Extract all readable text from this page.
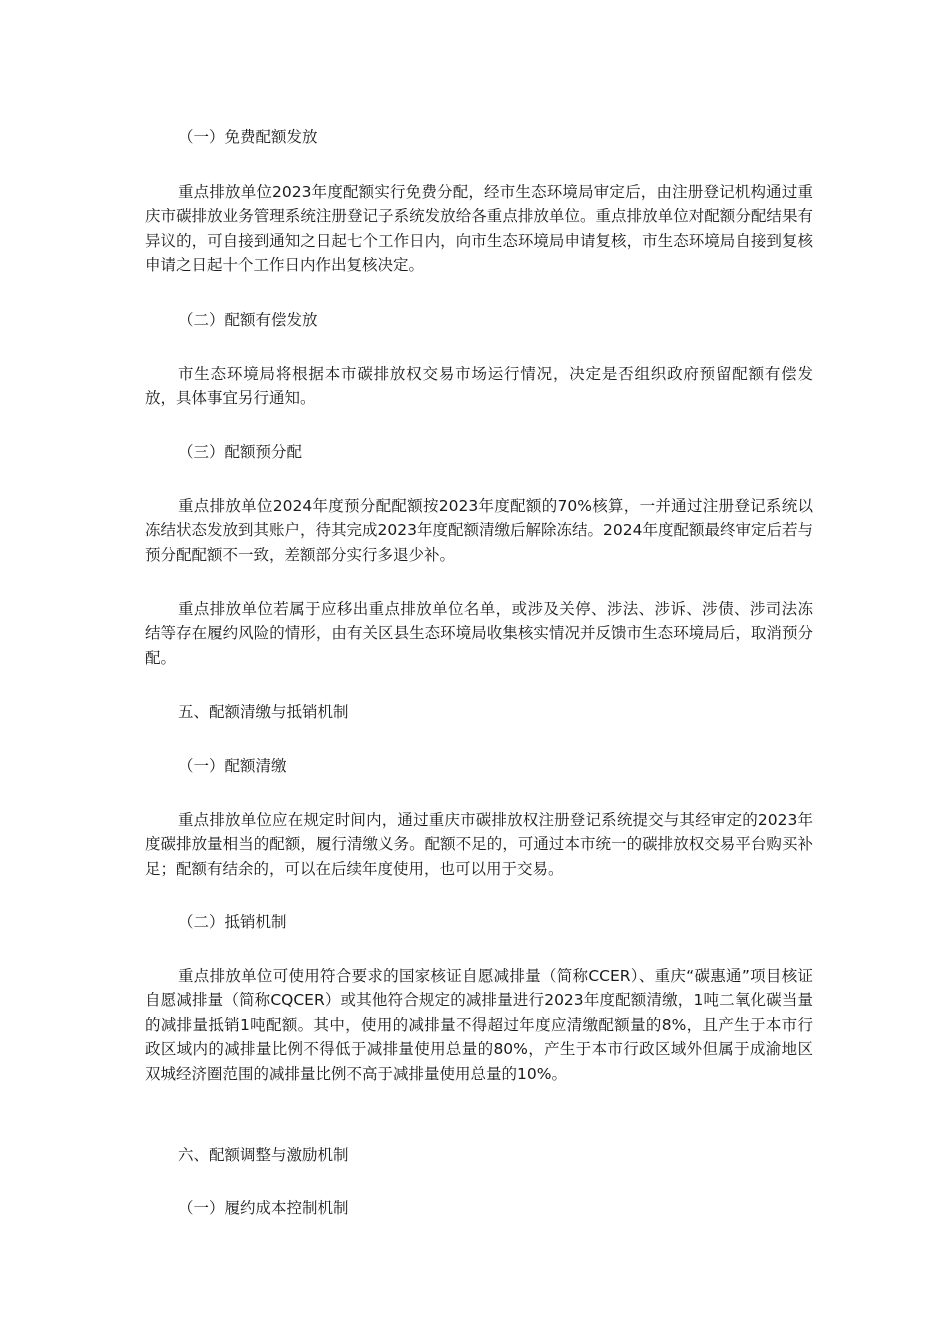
（一）免费配额发放
重点排放单位2023年度配额实行免费分配，经市生态环境局审定后，由注册登记机构通过重庆市碳排放业务管理系统注册登记子系统发放给各重点排放单位。重点排放单位对配额分配结果有异议的，可自接到通知之日起七个工作日内，向市生态环境局申请复核，市生态环境局自接到复核申请之日起十个工作日内作出复核决定。
（二）配额有偿发放
市生态环境局将根据本市碳排放权交易市场运行情况，决定是否组织政府预留配额有偿发放，具体事宜另行通知。
（三）配额预分配
重点排放单位2024年度预分配配额按2023年度配额的70%核算，一并通过注册登记系统以冻结状态发放到其账户，待其完成2023年度配额清缴后解除冻结。2024年度配额最终审定后若与预分配配额不一致，差额部分实行多退少补。
重点排放单位若属于应移出重点排放单位名单，或涉及关停、涉法、涉诉、涉债、涉司法冻结等存在履约风险的情形，由有关区县生态环境局收集核实情况并反馈市生态环境局后，取消预分配。
五、配额清缴与抵销机制
（一）配额清缴
重点排放单位应在规定时间内，通过重庆市碳排放权注册登记系统提交与其经审定的2023年度碳排放量相当的配额，履行清缴义务。配额不足的，可通过本市统一的碳排放权交易平台购买补足；配额有结余的，可以在后续年度使用，也可以用于交易。
（二）抵销机制
重点排放单位可使用符合要求的国家核证自愿减排量（简称CCER）、重庆“碳惠通”项目核证自愿减排量（简称CQCER）或其他符合规定的减排量进行2023年度配额清缴，1吨二氧化碳当量的减排量抵销1吨配额。其中，使用的减排量不得超过年度应清缴配额量的8%，且产生于本市行政区域内的减排量比例不得低于减排量使用总量的80%，产生于本市行政区域外但属于成渝地区双城经济圈范围的减排量比例不高于减排量使用总量的10%。
六、配额调整与激励机制
（一）履约成本控制机制
